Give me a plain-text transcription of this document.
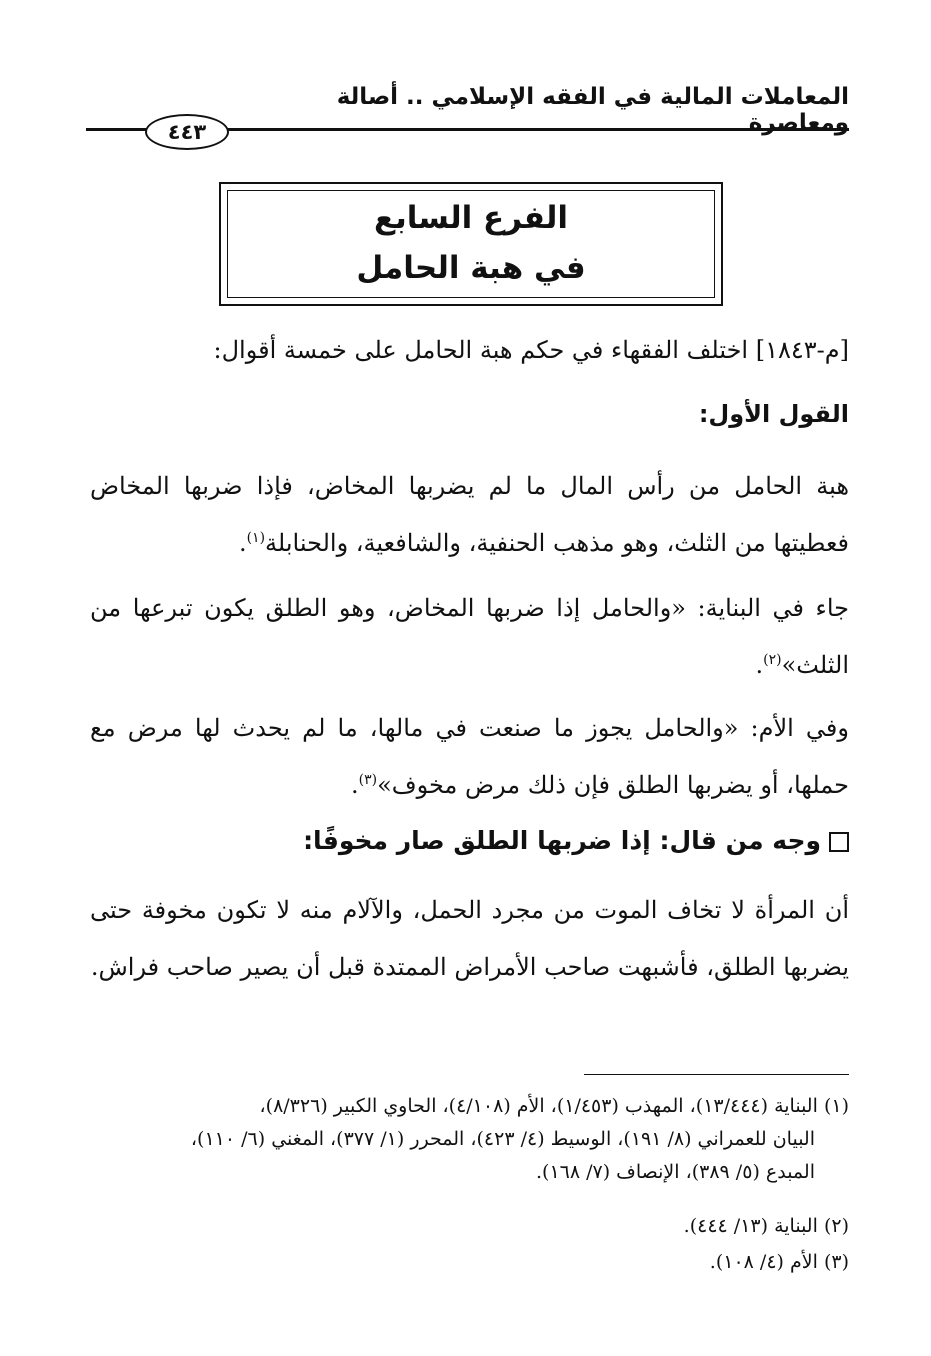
المعاملات المالية في الفقه الإسلامي .. أصالة ومعاصرة
٤٤٣
الفرع السابع
في هبة الحامل
[م-١٨٤٣] اختلف الفقهاء في حكم هبة الحامل على خمسة أقوال:
القول الأول:
هبة الحامل من رأس المال ما لم يضربها المخاض، فإذا ضربها المخاض فعطيتها من الثلث، وهو مذهب الحنفية، والشافعية، والحنابلة$^{(١)}$.
جاء في البناية: «والحامل إذا ضربها المخاض، وهو الطلق يكون تبرعها من الثلث»$^{(٢)}$.
وفي الأم: «والحامل يجوز ما صنعت في مالها، ما لم يحدث لها مرض مع حملها، أو يضربها الطلق فإن ذلك مرض مخوف»$^{(٣)}$.
وجه من قال: إذا ضربها الطلق صار مخوفًا:
أن المرأة لا تخاف الموت من مجرد الحمل، والآلام منه لا تكون مخوفة حتى يضربها الطلق، فأشبهت صاحب الأمراض الممتدة قبل أن يصير صاحب فراش.
(١) البناية (١٣/٤٤٤)، المهذب (١/٤٥٣)، الأم (٤/١٠٨)، الحاوي الكبير (٨/٣٢٦)،
البيان للعمراني (٨/ ١٩١)، الوسيط (٤/ ٤٢٣)، المحرر (١/ ٣٧٧)، المغني (٦/ ١١٠)،
المبدع (٥/ ٣٨٩)، الإنصاف (٧/ ١٦٨).
(٢) البناية (١٣/ ٤٤٤).
(٣) الأم (٤/ ١٠٨).
